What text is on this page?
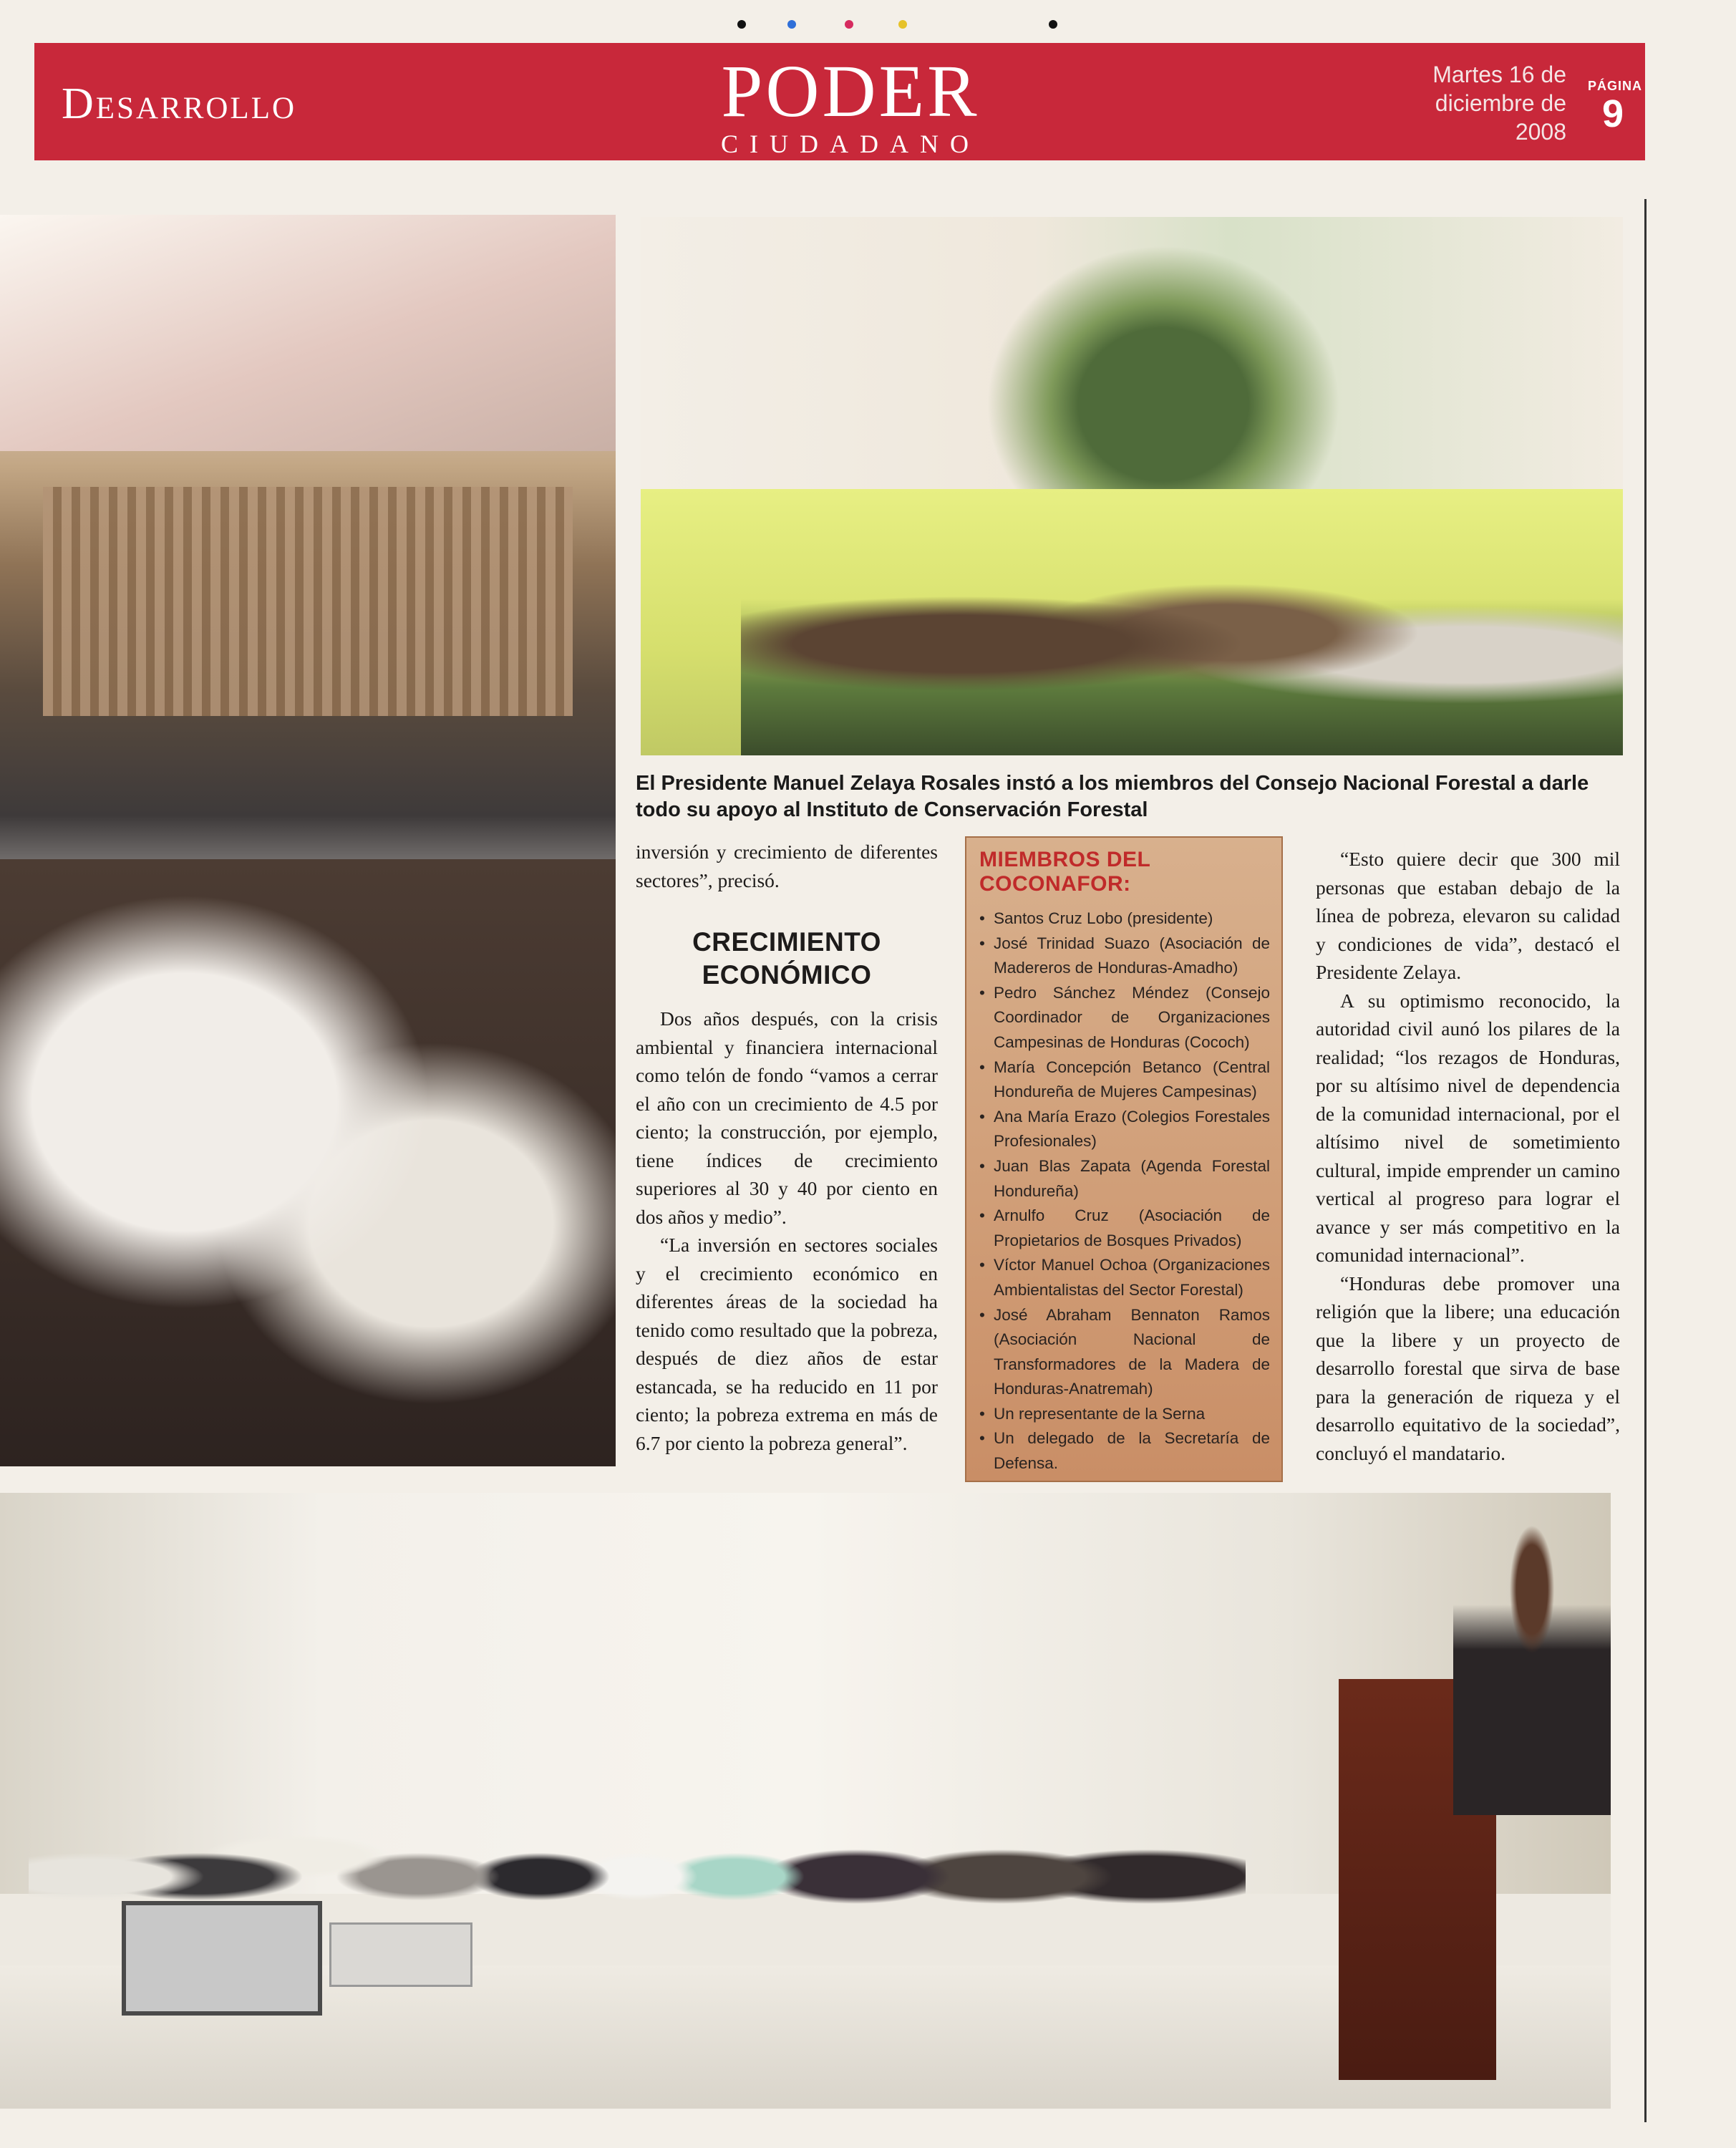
Desarrollo	PODER
CIUDADANO
Martes 16 de
diciembre de
2008
PÁGINA
9
El Presidente Manuel Zelaya Rosales instó a los miembros del Consejo Nacional Forestal a darle todo su apoyo al Instituto de Conservación Forestal

inversión y crecimiento de diferentes sectores”, precisó.

CRECIMIENTO
ECONÓMICO

Dos años después, con la crisis ambiental y financiera internacional como telón de fondo “vamos a cerrar el año con un crecimiento de 4.5 por ciento; la construcción, por ejemplo, tiene índices de crecimiento superiores al 30 y 40 por ciento en dos años y medio”.

“La inversión en sectores sociales y el crecimiento económico en diferentes áreas de la sociedad ha tenido como resultado que la pobreza, después de diez años de estar estancada, se ha reducido en 11 por ciento; la pobreza extrema en más de 6.7 por ciento la pobreza general”.

MIEMBROS DEL COCONAFOR:
• Santos Cruz Lobo (presidente)
• José Trinidad Suazo (Asociación de Madereros de Honduras-Amadho)
• Pedro Sánchez Méndez (Consejo Coordinador de Organizaciones Campesinas de Honduras (Cococh)
• María Concepción Betanco (Central Hondureña de Mujeres Campesinas)
• Ana María Erazo (Colegios Forestales Profesionales)
• Juan Blas Zapata (Agenda Forestal Hondureña)
• Arnulfo Cruz (Asociación de Propietarios de Bosques Privados)
• Víctor Manuel Ochoa (Organizaciones Ambientalistas del Sector Forestal)
• José Abraham Bennaton Ramos (Asociación Nacional de Transformadores de la Madera de Honduras-Anatremah)
• Un representante de la Serna
• Un delegado de la Secretaría de Defensa.

“Esto quiere decir que 300 mil personas que estaban debajo de la línea de pobreza, elevaron su calidad y condiciones de vida”, destacó el Presidente Zelaya.

A su optimismo reconocido, la autoridad civil aunó los pilares de la realidad; “los rezagos de Honduras, por su altísimo nivel de dependencia de la comunidad internacional, por el altísimo nivel de sometimiento cultural, impide emprender un camino vertical al progreso para lograr el avance y ser más competitivo en la comunidad internacional”.

“Honduras debe promover una religión que la libere; una educación que la libere y un proyecto de desarrollo forestal que sirva de base para la generación de riqueza y el desarrollo equitativo de la sociedad”, concluyó el mandatario.
